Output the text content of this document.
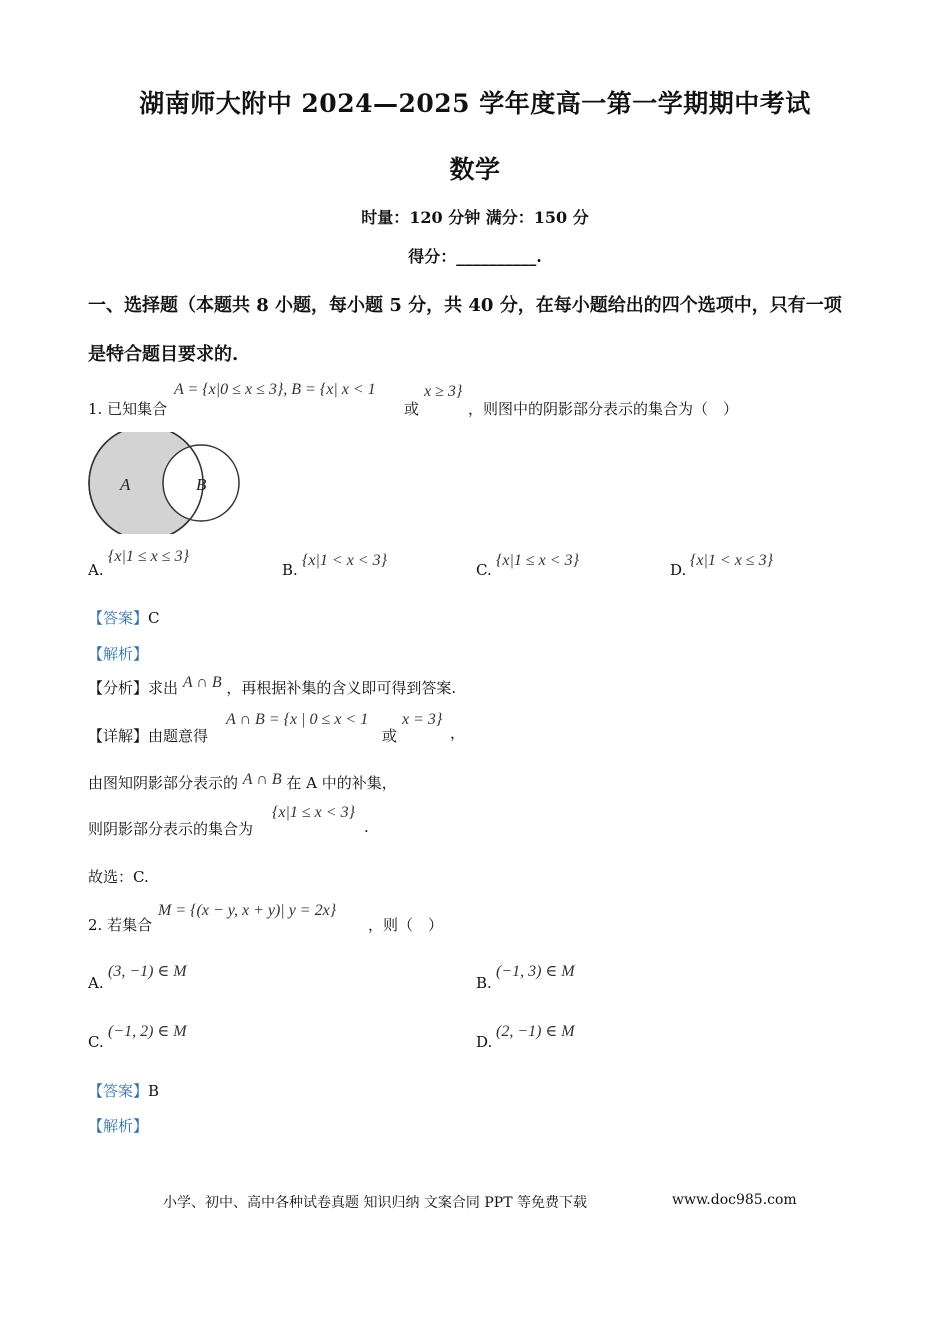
湖南师大附中 2024—2025 学年度高一第一学期期中考试
数学
时量：120 分钟 满分：150 分
得分：__________.
一、选择题（本题共 8 小题，每小题 5 分，共 40 分，在每小题给出的四个选项中，只有一项
是特合题目要求的.
1. 已知集合
A = {x|0 ≤ x ≤ 3}, B = {x| x < 1
或
x ≥ 3}
，则图中的阴影部分表示的集合为（　）
A	B
A.
{x|1 ≤ x ≤ 3}
B.
{x|1 < x < 3}
C.
{x|1 ≤ x < 3}
D.
{x|1 < x ≤ 3}
【答案】C
【解析】
【分析】求出 A ∩ B ，再根据补集的含义即可得到答案.
【详解】由题意得
A ∩ B = {x | 0 ≤ x < 1
或
x = 3}
，
由图知阴影部分表示的 A ∩ B 在 A 中的补集，
则阴影部分表示的集合为
{x|1 ≤ x < 3}
.
故选：C.
2. 若集合
M = {(x − y, x + y)| y = 2x}
，则（　）
A.
(3, −1) ∈ M
B.
(−1, 3) ∈ M
C.
(−1, 2) ∈ M
D.
(2, −1) ∈ M
【答案】B
【解析】
小学、初中、高中各种试卷真题 知识归纳 文案合同 PPT 等免费下载	www.doc985.com
